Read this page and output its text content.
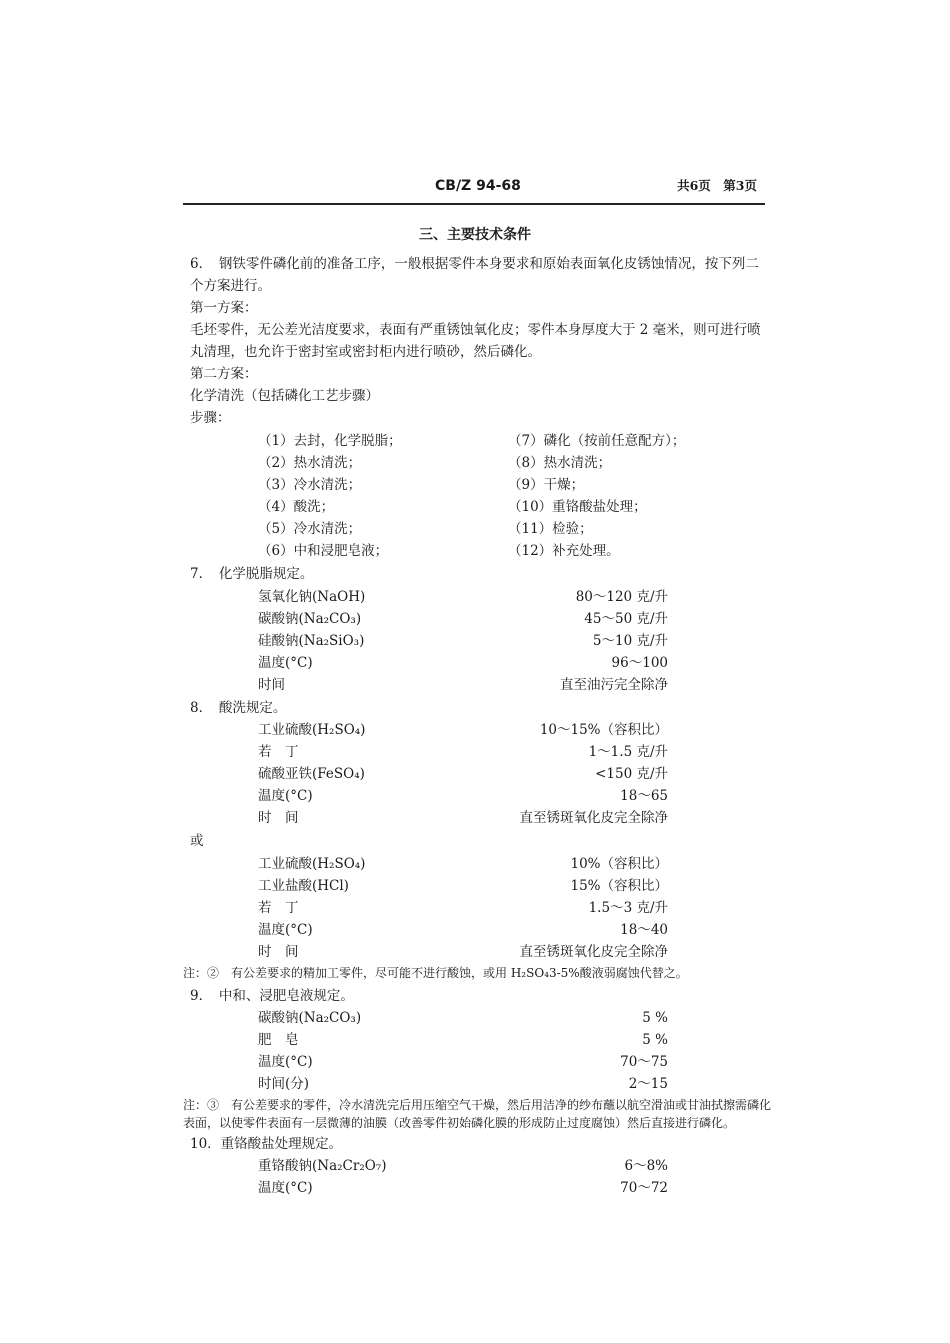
CB/Z 94-68	共6页　第3页
三、主要技术条件
6．　钢铁零件磷化前的准备工序，一般根据零件本身要求和原始表面氧化皮锈蚀情况，按下列二
个方案进行。
第一方案：
毛坯零件，无公差光洁度要求，表面有严重锈蚀氧化皮；零件本身厚度大于 2 毫米，则可进行喷
丸清理，也允许于密封室或密封柜内进行喷砂，然后磷化。
第二方案：
化学清洗（包括磷化工艺步骤）
步骤：
（1）去封，化学脱脂；	（7）磷化（按前任意配方）；
（2）热水清洗；	（8）热水清洗；
（3）冷水清洗；	（9）干燥；
（4）酸洗；	（10）重铬酸盐处理；
（5）冷水清洗；	（11）检验；
（6）中和浸肥皂液；	（12）补充处理。
7．　化学脱脂规定。
氢氧化钠(NaOH)	80～120 克/升
碳酸钠(Na₂CO₃)	45～50 克/升
硅酸钠(Na₂SiO₃)	5～10 克/升
温度(°C)	96～100
时间	直至油污完全除净
8．　酸洗规定。
工业硫酸(H₂SO₄)	10～15%（容积比）
若　丁	1～1.5 克/升
硫酸亚铁(FeSO₄)	<150 克/升
温度(°C)	18～65
时　间	直至锈斑氧化皮完全除净
或
工业硫酸(H₂SO₄)	10%（容积比）
工业盐酸(HCl)	15%（容积比）
若　丁	1.5～3 克/升
温度(°C)	18～40
时　间	直至锈斑氧化皮完全除净
注：②　有公差要求的精加工零件，尽可能不进行酸蚀，或用 H₂SO₄3-5%酸液弱腐蚀代替之。
9．　中和、浸肥皂液规定。
碳酸钠(Na₂CO₃)	5 %
肥　皂	5 %
温度(°C)	70～75
时间(分)	2～15
注：③　有公差要求的零件，冷水清洗完后用压缩空气干燥，然后用洁净的纱布蘸以航空滑油或甘油拭擦需磷化
表面，以使零件表面有一层微薄的油膜（改善零件初始磷化膜的形成防止过度腐蚀）然后直接进行磷化。
10．重铬酸盐处理规定。
重铬酸钠(Na₂Cr₂O₇)	6～8%
温度(°C)	70～72
